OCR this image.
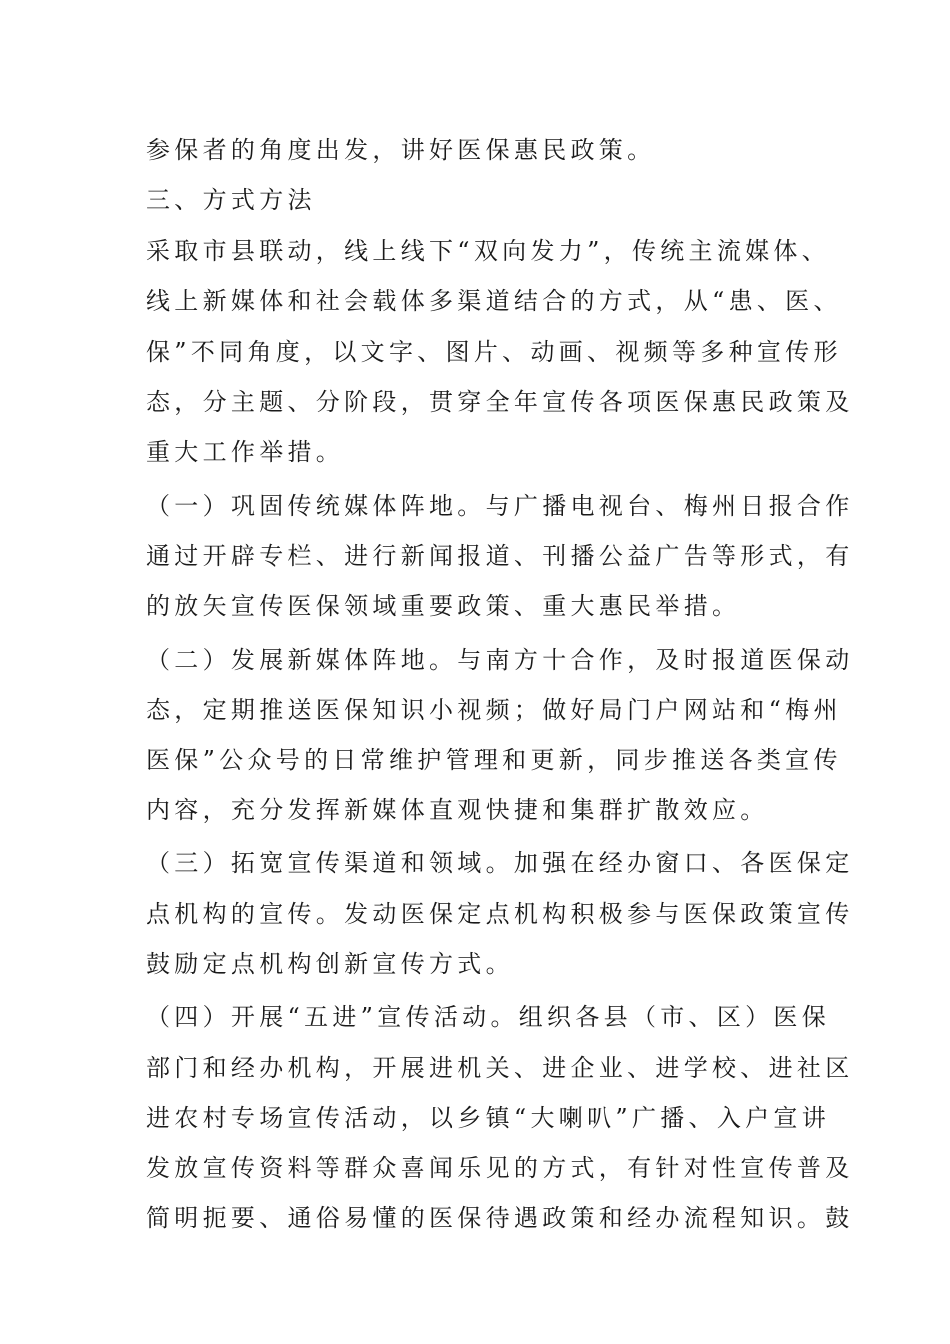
参保者的角度出发，讲好医保惠民政策。
三、方式方法
采取市县联动，线上线下“双向发力”，传统主流媒体、
线上新媒体和社会载体多渠道结合的方式，从“患、医、
保”不同角度，以文字、图片、动画、视频等多种宣传形
态，分主题、分阶段，贯穿全年宣传各项医保惠民政策及
重大工作举措。
（一）巩固传统媒体阵地。与广播电视台、梅州日报合作
通过开辟专栏、进行新闻报道、刊播公益广告等形式，有
的放矢宣传医保领域重要政策、重大惠民举措。
（二）发展新媒体阵地。与南方十合作，及时报道医保动
态，定期推送医保知识小视频；做好局门户网站和“梅州
医保”公众号的日常维护管理和更新，同步推送各类宣传
内容，充分发挥新媒体直观快捷和集群扩散效应。
（三）拓宽宣传渠道和领域。加强在经办窗口、各医保定
点机构的宣传。发动医保定点机构积极参与医保政策宣传
鼓励定点机构创新宣传方式。
（四）开展“五进”宣传活动。组织各县（市、区）医保
部门和经办机构，开展进机关、进企业、进学校、进社区
进农村专场宣传活动，以乡镇“大喇叭”广播、入户宣讲
发放宣传资料等群众喜闻乐见的方式，有针对性宣传普及
简明扼要、通俗易懂的医保待遇政策和经办流程知识。鼓
